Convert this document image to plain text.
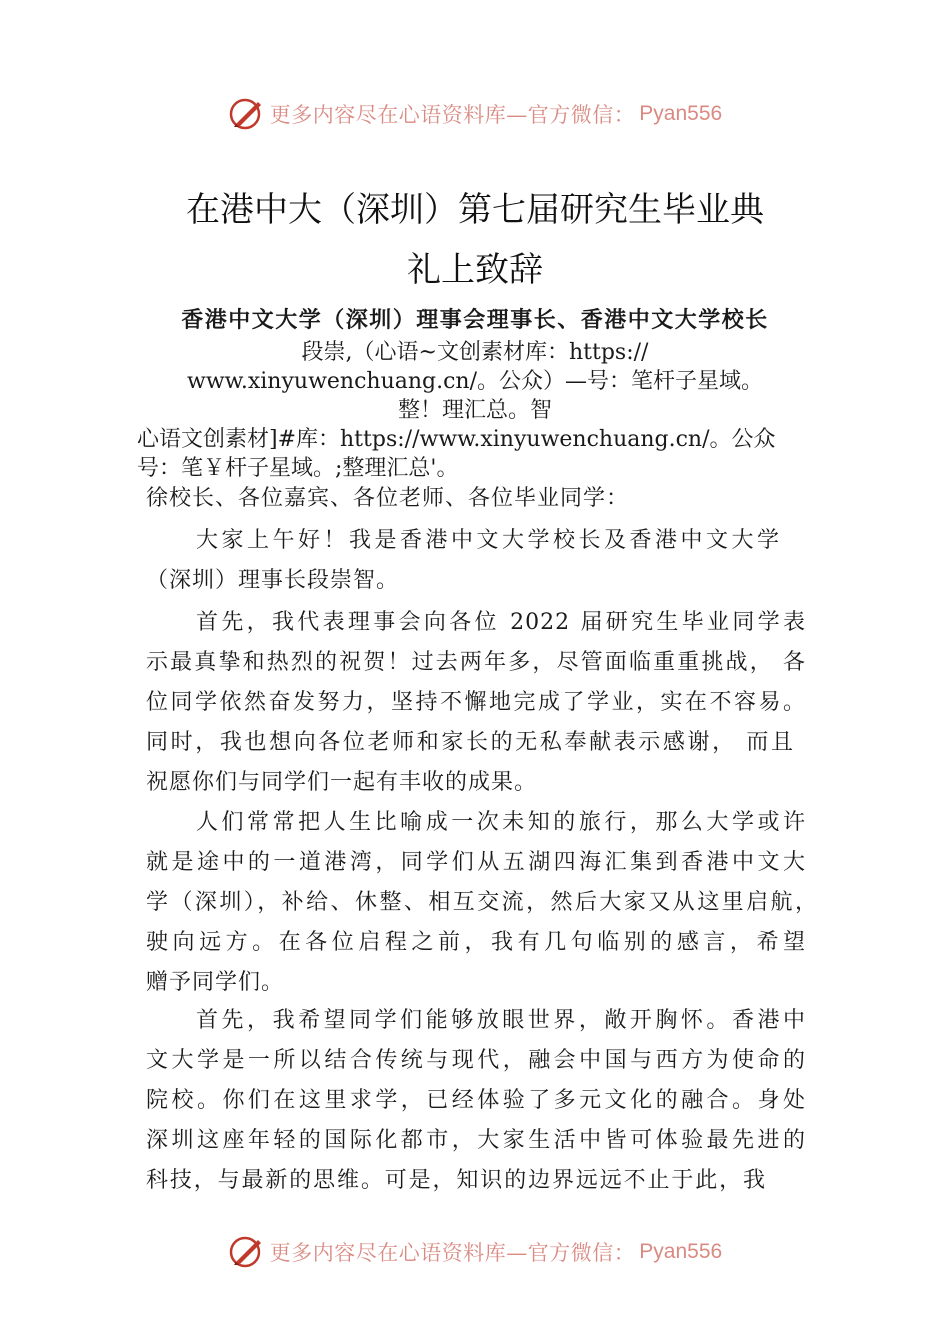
更多内容尽在心语资料库—官方微信： Pyan556
在港中大（深圳）第七届研究生毕业典
礼上致辞
香港中文大学（深圳）理事会理事长、香港中文大学校长
段崇,（心语~文创素材库：https://
www.xinyuwenchuang.cn/。公众）—号：笔杆子星域。
整！理汇总。智
心语文创素材]#库：https://www.xinyuwenchuang.cn/。公众
号：笔￥杆子星域。;整理汇总'。
徐校长、各位嘉宾、各位老师、各位毕业同学：
大家上午好！我是香港中文大学校长及香港中文大学
（深圳）理事长段崇智。
首先，我代表理事会向各位 2022 届研究生毕业同学表
示最真挚和热烈的祝贺！过去两年多，尽管面临重重挑战， 各
位同学依然奋发努力，坚持不懈地完成了学业，实在不容易。
同时，我也想向各位老师和家长的无私奉献表示感谢， 而且
祝愿你们与同学们一起有丰收的成果。
人们常常把人生比喻成一次未知的旅行，那么大学或许
就是途中的一道港湾，同学们从五湖四海汇集到香港中文大
学（深圳），补给、休整、相互交流，然后大家又从这里启航，
驶向远方。在各位启程之前，我有几句临别的感言，希望
赠予同学们。
首先，我希望同学们能够放眼世界，敞开胸怀。香港中
文大学是一所以结合传统与现代，融会中国与西方为使命的
院校。你们在这里求学，已经体验了多元文化的融合。身处
深圳这座年轻的国际化都市，大家生活中皆可体验最先进的
科技，与最新的思维。可是，知识的边界远远不止于此，我
更多内容尽在心语资料库—官方微信： Pyan556
